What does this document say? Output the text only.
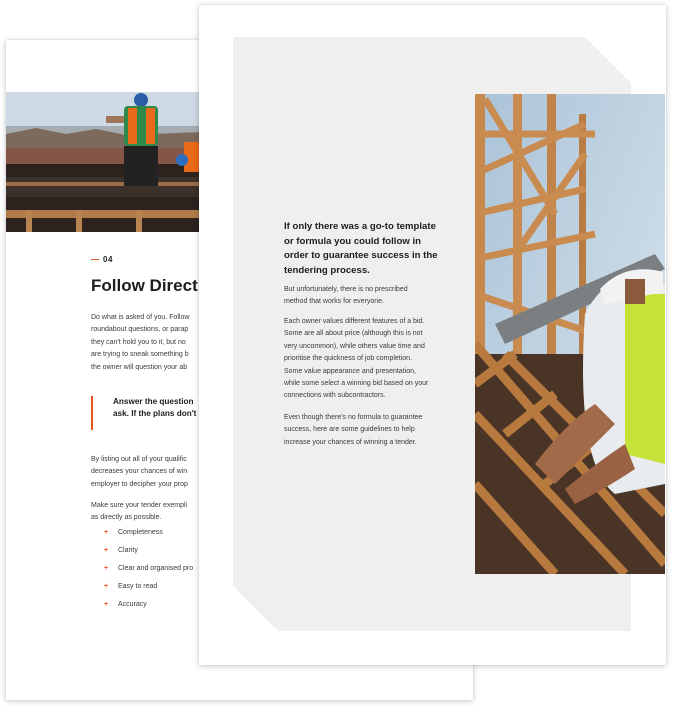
04
Follow Direct
Do what is asked of you. Follow
roundabout questions, or parap
they can't hold you to it, but no
are trying to sneak something b
the owner will question your ab
Answer the question
ask. If the plans don't
By listing out all of your qualific
decreases your chances of win
employer to decipher your prop
Make sure your tender exempli
as directly as possible.
+ Completeness
+ Clarity
+ Clear and organised pro
+ Easy to read
+ Accuracy
If only there was a go-to template
or formula you could follow in
order to guarantee success in the
tendering process.
But unfortunately, there is no prescribed
method that works for everyone.
Each owner values different features of a bid.
Some are all about price (although this is not
very uncommon), while others value time and
prioritise the quickness of job completion.
Some value appearance and presentation,
while some select a winning bid based on your
connections with subcontractors.
Even though there's no formula to guarantee
success, here are some guidelines to help
increase your chances of winning a tender.
